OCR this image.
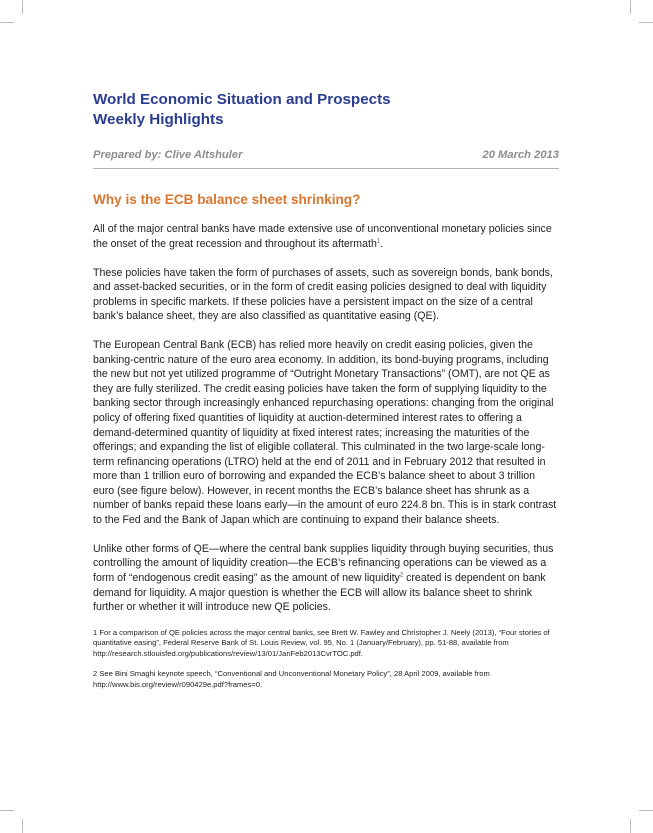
World Economic Situation and Prospects
Weekly Highlights
Prepared by: Clive Altshuler	20 March 2013
Why is the ECB balance sheet shrinking?

All of the major central banks have made extensive use of unconventional monetary policies since the onset of the great recession and throughout its aftermath$^1$.

These policies have taken the form of purchases of assets, such as sovereign bonds, bank bonds, and asset-backed securities, or in the form of credit easing policies designed to deal with liquidity problems in specific markets. If these policies have a persistent impact on the size of a central bank’s balance sheet, they are also classified as quantitative easing (QE).

The European Central Bank (ECB) has relied more heavily on credit easing policies, given the banking-centric nature of the euro area economy. In addition, its bond-buying programs, including the new but not yet utilized programme of “Outright Monetary Transactions” (OMT), are not QE as they are fully sterilized. The credit easing policies have taken the form of supplying liquidity to the banking sector through increasingly enhanced repurchasing operations: changing from the original policy of offering fixed quantities of liquidity at auction-determined interest rates to offering a demand-determined quantity of liquidity at fixed interest rates; increasing the maturities of the offerings; and expanding the list of eligible collateral. This culminated in the two large-scale long-term refinancing operations (LTRO) held at the end of 2011 and in February 2012 that resulted in more than 1 trillion euro of borrowing and expanded the ECB’s balance sheet to about 3 trillion euro (see figure below). However, in recent months the ECB’s balance sheet has shrunk as a number of banks repaid these loans early—in the amount of euro 224.8 bn. This is in stark contrast to the Fed and the Bank of Japan which are continuing to expand their balance sheets.

Unlike other forms of QE—where the central bank supplies liquidity through buying securities, thus controlling the amount of liquidity creation—the ECB’s refinancing operations can be viewed as a form of “endogenous credit easing” as the amount of new liquidity$^2$ created is dependent on bank demand for liquidity. A major question is whether the ECB will allow its balance sheet to shrink further or whether it will introduce new QE policies.

1 For a comparison of QE policies across the major central banks, see Brett W. Fawley and Christopher J. Neely (2013), “Four stories of quantitative easing”, Federal Reserve Bank of St. Louis Review, vol. 95, No. 1 (January/February), pp. 51-88, available from http://research.stlouisfed.org/publications/review/13/01/JanFeb2013CvrTOC.pdf.

2 See Bini Smaghi keynote speech, “Conventional and Unconventional Monetary Policy”, 28 April 2009, available from http://www.bis.org/review/r090429e.pdf?frames=0.
